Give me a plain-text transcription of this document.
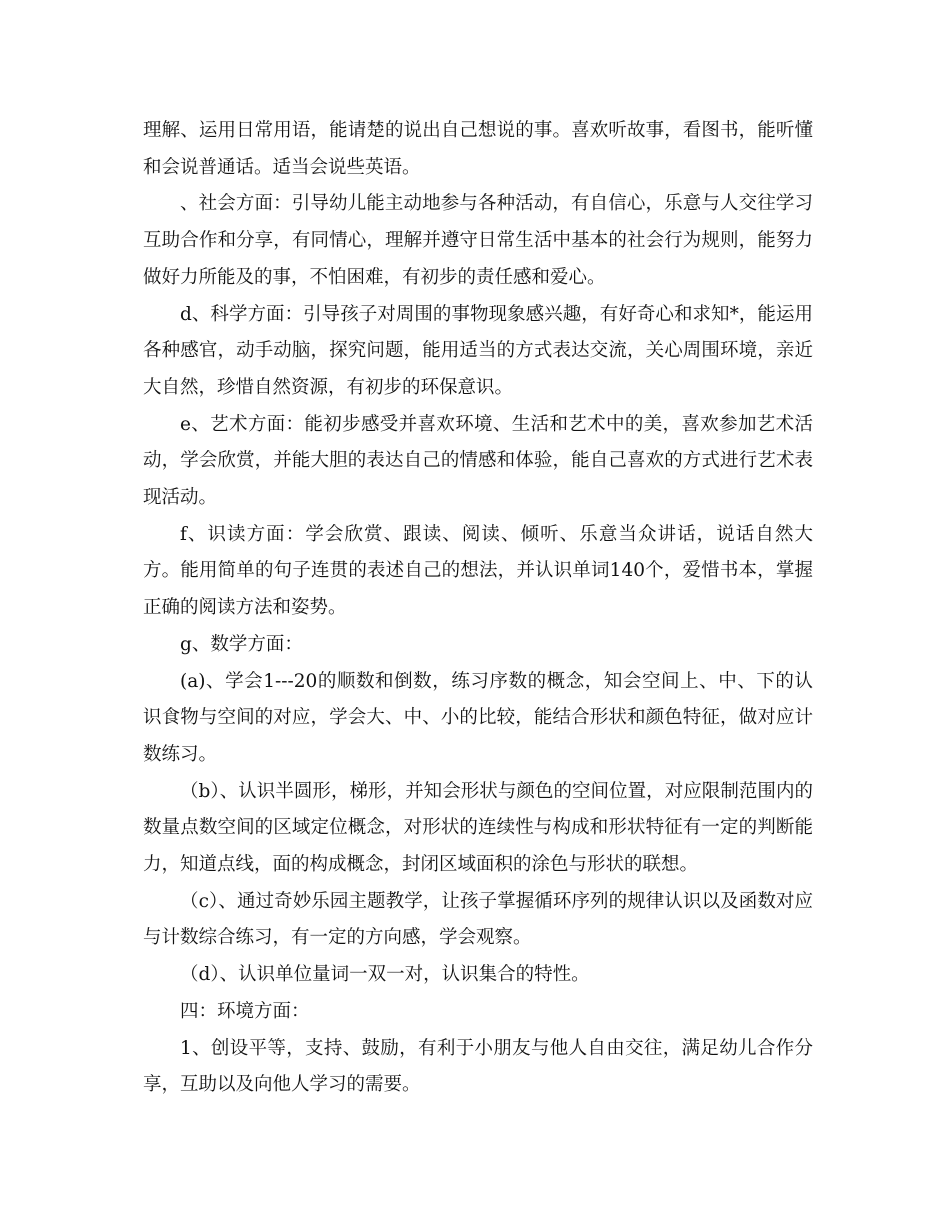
理解、运用日常用语，能请楚的说出自己想说的事。喜欢听故事，看图书，能听懂和会说普通话。适当会说些英语。

、社会方面：引导幼儿能主动地参与各种活动，有自信心，乐意与人交往学习互助合作和分享，有同情心，理解并遵守日常生活中基本的社会行为规则，能努力做好力所能及的事，不怕困难，有初步的责任感和爱心。

d、科学方面：引导孩子对周围的事物现象感兴趣，有好奇心和求知*，能运用各种感官，动手动脑，探究问题，能用适当的方式表达交流，关心周围环境，亲近大自然，珍惜自然资源，有初步的环保意识。

e、艺术方面：能初步感受并喜欢环境、生活和艺术中的美，喜欢参加艺术活动，学会欣赏，并能大胆的表达自己的情感和体验，能自己喜欢的方式进行艺术表现活动。

f、识读方面：学会欣赏、跟读、阅读、倾听、乐意当众讲话，说话自然大方。能用简单的句子连贯的表述自己的想法，并认识单词140个，爱惜书本，掌握正确的阅读方法和姿势。

g、数学方面：

(a)、学会1---20的顺数和倒数，练习序数的概念，知会空间上、中、下的认识食物与空间的对应，学会大、中、小的比较，能结合形状和颜色特征，做对应计数练习。

（b）、认识半圆形，梯形，并知会形状与颜色的空间位置，对应限制范围内的数量点数空间的区域定位概念，对形状的连续性与构成和形状特征有一定的判断能力，知道点线，面的构成概念，封闭区域面积的涂色与形状的联想。

（c）、通过奇妙乐园主题教学，让孩子掌握循环序列的规律认识以及函数对应与计数综合练习，有一定的方向感，学会观察。

（d）、认识单位量词一双一对，认识集合的特性。

四：环境方面：

1、创设平等，支持、鼓励，有利于小朋友与他人自由交往，满足幼儿合作分享，互助以及向他人学习的需要。
